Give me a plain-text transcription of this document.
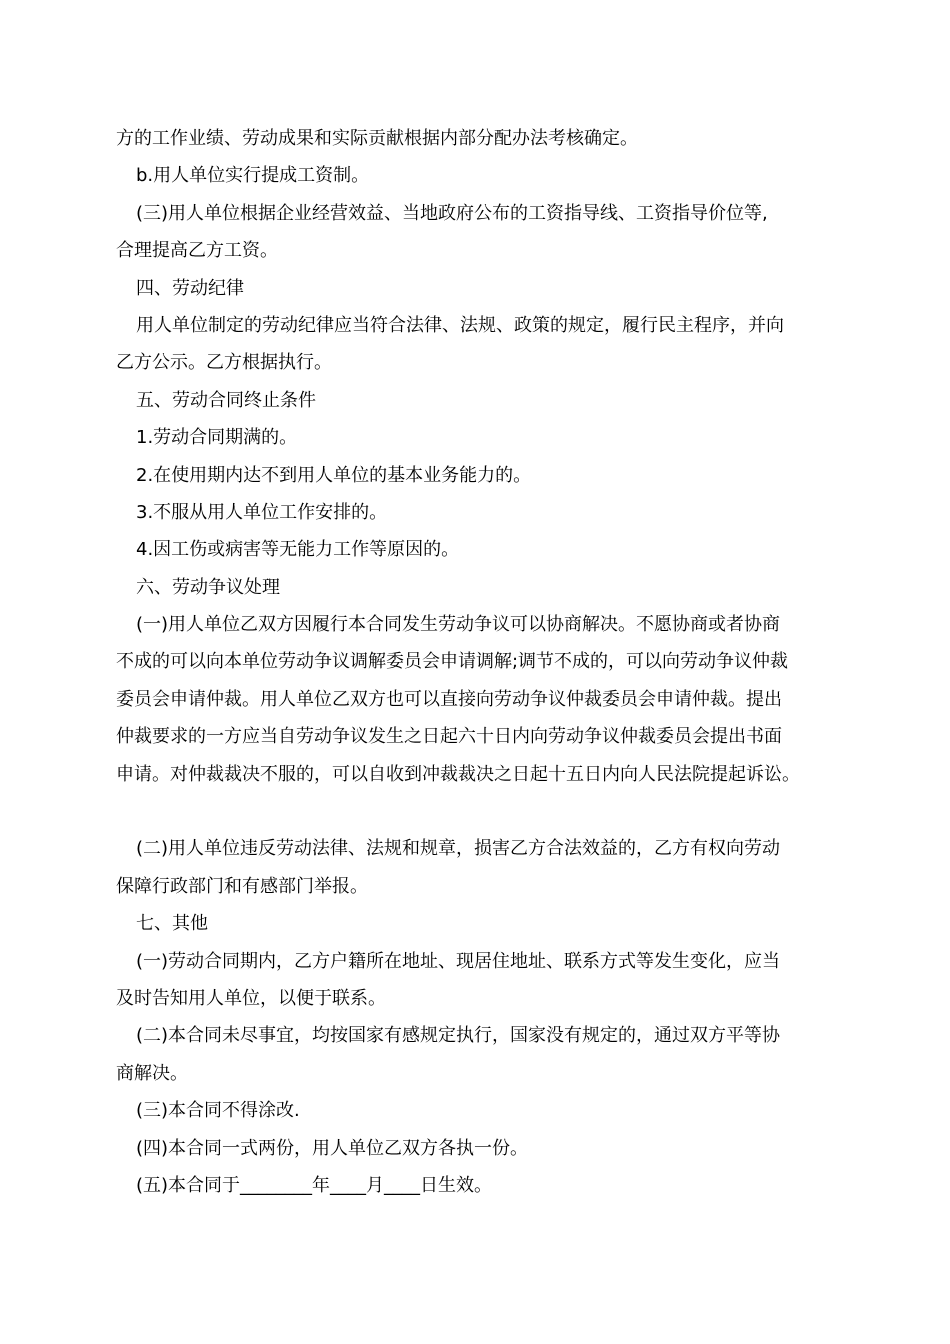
方的工作业绩、劳动成果和实际贡献根据内部分配办法考核确定。
b.用人单位实行提成工资制。
(三)用人单位根据企业经营效益、当地政府公布的工资指导线、工资指导价位等,
合理提高乙方工资。
四、劳动纪律
用人单位制定的劳动纪律应当符合法律、法规、政策的规定，履行民主程序，并向
乙方公示。乙方根据执行。
五、劳动合同终止条件
1.劳动合同期满的。
2.在使用期内达不到用人单位的基本业务能力的。
3.不服从用人单位工作安排的。
4.因工伤或病害等无能力工作等原因的。
六、劳动争议处理
(一)用人单位乙双方因履行本合同发生劳动争议可以协商解决。不愿协商或者协商
不成的可以向本单位劳动争议调解委员会申请调解;调节不成的，可以向劳动争议仲裁
委员会申请仲裁。用人单位乙双方也可以直接向劳动争议仲裁委员会申请仲裁。提出
仲裁要求的一方应当自劳动争议发生之日起六十日内向劳动争议仲裁委员会提出书面
申请。对仲裁裁决不服的，可以自收到冲裁裁决之日起十五日内向人民法院提起诉讼。
(二)用人单位违反劳动法律、法规和规章，损害乙方合法效益的，乙方有权向劳动
保障行政部门和有感部门举报。
七、其他
(一)劳动合同期内，乙方户籍所在地址、现居住地址、联系方式等发生变化，应当
及时告知用人单位，以便于联系。
(二)本合同未尽事宜，均按国家有感规定执行，国家没有规定的，通过双方平等协
商解决。
(三)本合同不得涂改.
(四)本合同一式两份，用人单位乙双方各执一份。
(五)本合同于________年____月____日生效。
